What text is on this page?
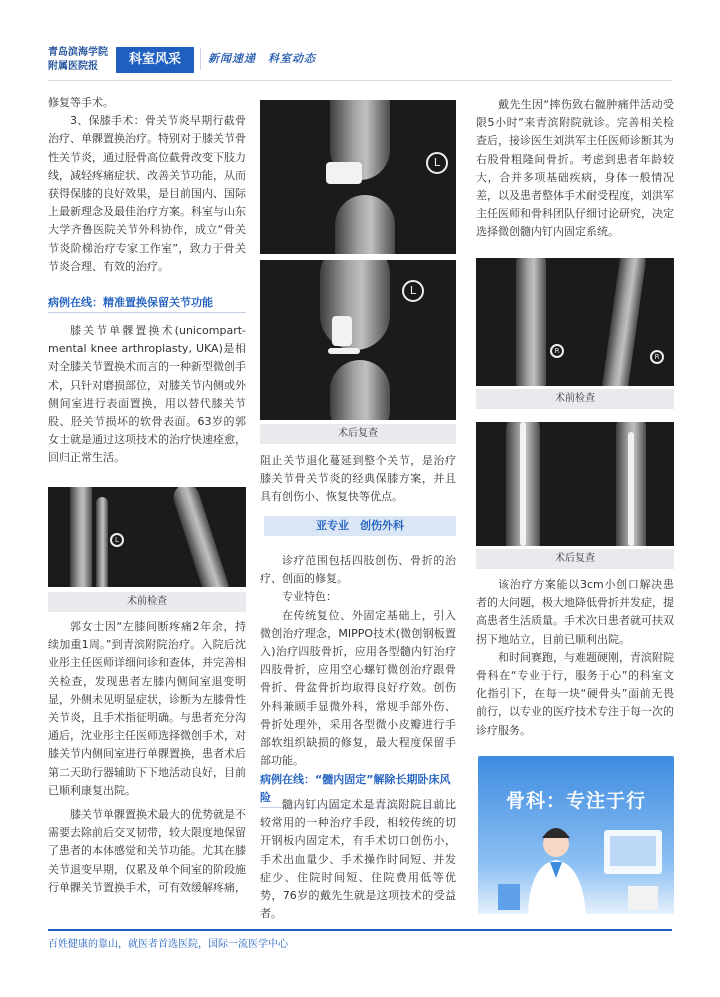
青岛滨海学院
附属医院报	科室风采	新闻速递　科室动态
修复等手术。
3、保膝手术：骨关节炎早期行截骨治疗、单髁置换治疗。特别对于膝关节骨性关节炎，通过胫骨高位截骨改变下肢力线，减轻疼痛症状、改善关节功能，从而获得保膝的良好效果，是目前国内、国际上最新理念及最佳治疗方案。科室与山东大学齐鲁医院关节外科协作，成立“骨关节炎阶梯治疗专家工作室”，致力于骨关节炎合理、有效的治疗。
病例在线：精准置换保留关节功能
膝关节单髁置换术(unicompart-mental knee arthroplasty, UKA)是相对全膝关节置换术而言的一种新型微创手术，只针对磨损部位，对膝关节内侧或外侧间室进行表面置换，用以替代膝关节股、胫关节损坏的软骨表面。63岁的郭女士就是通过这项技术的治疗快速痊愈，回归正常生活。
L
术前检查
郭女士因“左膝间断疼痛2年余，持续加重1周。”到青滨附院治疗。入院后沈业彤主任医师详细问诊和查体，并完善相关检查，发现患者左膝内侧间室退变明显，外侧未见明显症状，诊断为左膝骨性关节炎，且手术指征明确。与患者充分沟通后，沈业彤主任医师选择微创手术，对膝关节内侧间室进行单髁置换，患者术后第二天助行器辅助下下地活动良好，目前已顺利康复出院。
膝关节单髁置换术最大的优势就是不需要去除前后交叉韧带，较大限度地保留了患者的本体感觉和关节功能。尤其在膝关节退变早期，仅累及单个间室的阶段施行单髁关节置换手术，可有效缓解疼痛，
L
L
术后复查
阻止关节退化蔓延到整个关节，是治疗膝关节骨关节炎的经典保膝方案，并且具有创伤小、恢复快等优点。
亚专业　创伤外科
诊疗范围包括四肢创伤、骨折的治疗、创面的修复。
专业特色：
在传统复位、外固定基础上，引入微创治疗理念，MIPPO技术(微创钢板置入)治疗四肢骨折，应用各型髓内钉治疗四肢骨折，应用空心螺钉微创治疗跟骨骨折、骨盆骨折均取得良好疗效。创伤外科兼顾手显微外科，常规手部外伤、骨折处理外，采用各型微小皮瓣进行手部软组织缺损的修复，最大程度保留手部功能。
病例在线：“髓内固定”解除长期卧床风险
髓内钉内固定术是青滨附院目前比较常用的一种治疗手段，相较传统的切开钢板内固定术，有手术切口创伤小，手术出血量少、手术操作时间短、并发症少、住院时间短、住院费用低等优势，76岁的戴先生就是这项技术的受益者。
戴先生因“摔伤致右髋肿痛伴活动受限5小时”来青滨附院就诊。完善相关检查后，接诊医生刘洪军主任医师诊断其为右股骨粗隆间骨折。考虑到患者年龄较大，合并多项基础疾病，身体一般情况差，以及患者整体手术耐受程度，刘洪军主任医师和骨科团队仔细讨论研究，决定选择微创髓内钉内固定系统。
R
R
术前检查
术后复查
该治疗方案能以3cm小创口解决患者的大问题，极大地降低骨折并发症，提高患者生活质量。手术次日患者就可扶双拐下地站立，目前已顺利出院。
和时间赛跑，与难题硬刚，青滨附院骨科在“专业于行，服务于心”的科室文化指引下，在每一块“硬骨头”面前无畏前行，以专业的医疗技术专注于每一次的诊疗服务。
骨科：专注于行
百姓健康的靠山，就医者首选医院，国际一流医学中心
